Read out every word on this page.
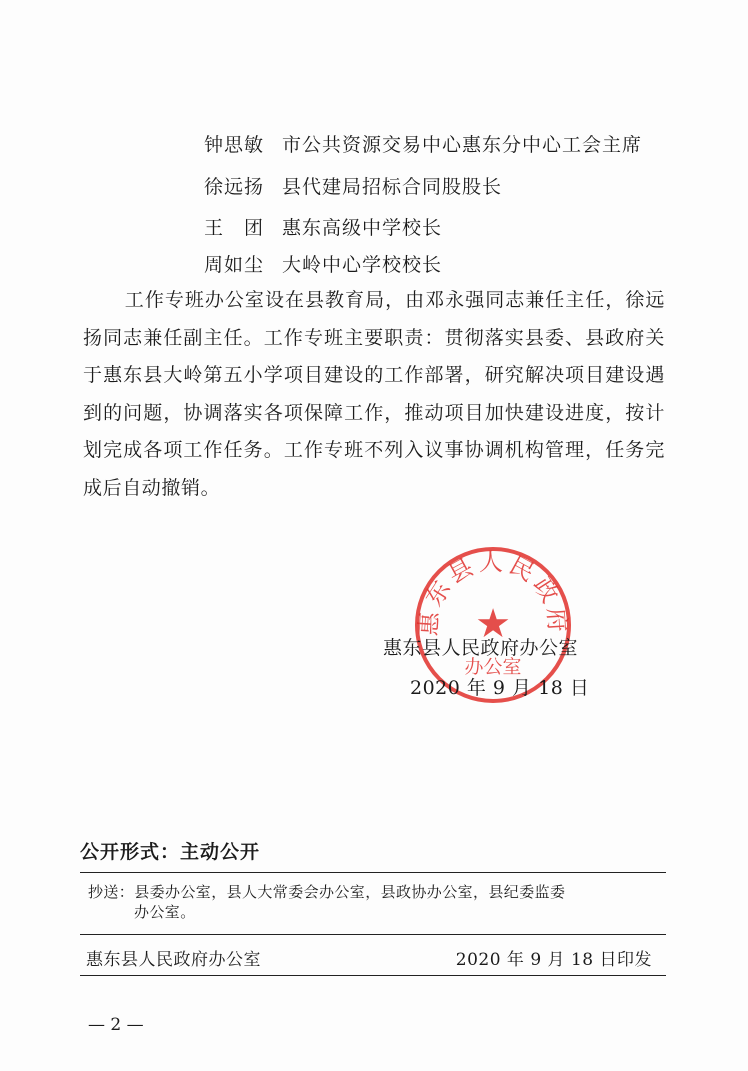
钟思敏 市公共资源交易中心惠东分中心工会主席
徐远扬 县代建局招标合同股股长
王　团 惠东高级中学校长
周如尘 大岭中心学校校长

工作专班办公室设在县教育局，由邓永强同志兼任主任，徐远扬同志兼任副主任。工作专班主要职责：贯彻落实县委、县政府关于惠东县大岭第五小学项目建设的工作部署，研究解决项目建设遇到的问题，协调落实各项保障工作，推动项目加快建设进度，按计划完成各项工作任务。工作专班不列入议事协调机构管理，任务完成后自动撤销。

惠东县人民政府
★
办公室
惠东县人民政府办公室
2020 年 9 月 18 日
公开形式：主动公开
抄送：县委办公室，县人大常委会办公室，县政协办公室，县纪委监委
办公室。
惠东县人民政府办公室	2020 年 9 月 18 日印发
— 2 —
